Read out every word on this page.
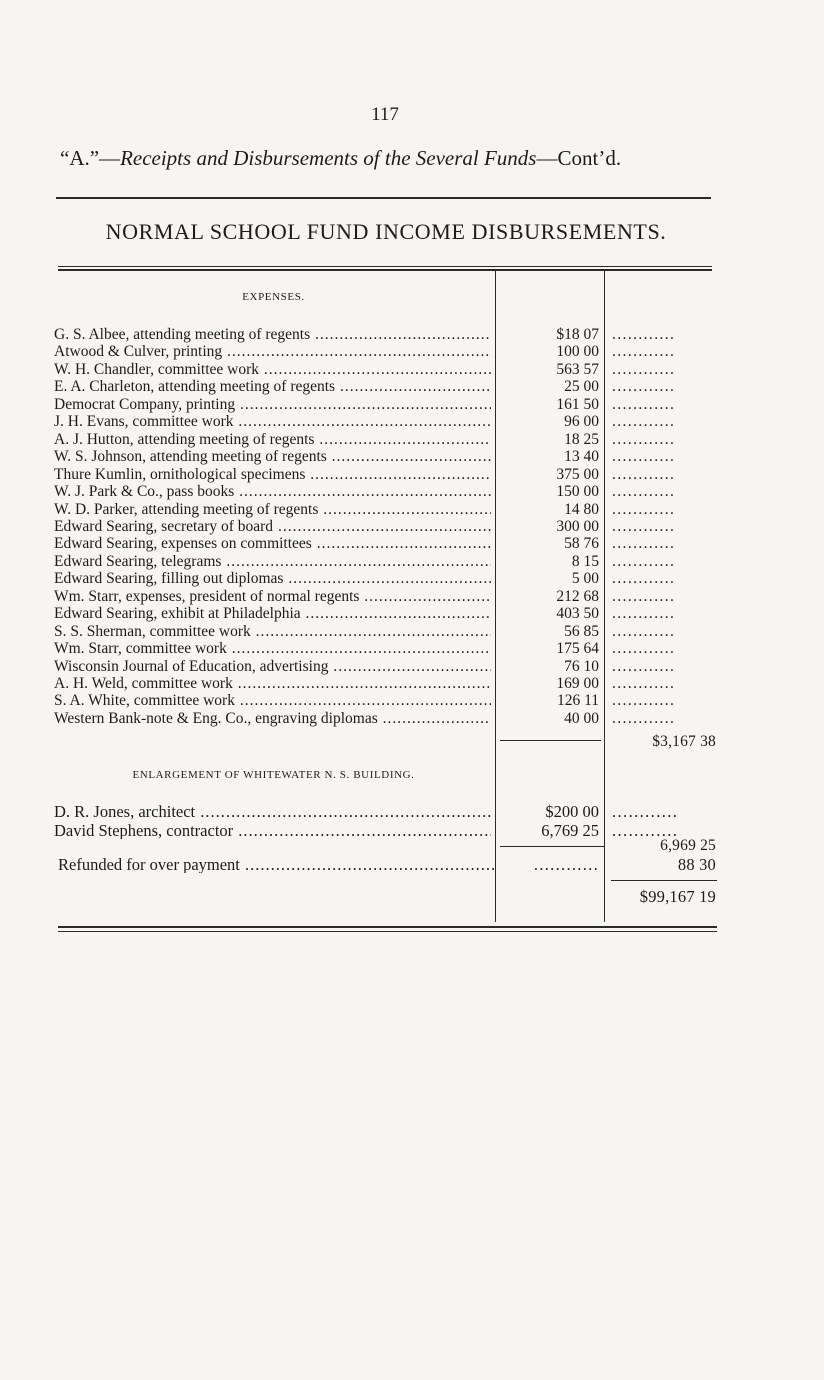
117
“A.”—Receipts and Disbursements of the Several Funds—Cont’d.
NORMAL SCHOOL FUND INCOME DISBURSEMENTS.
EXPENSES.
G. S. Albee, attending meeting of regents .....	$18 07 ............
Atwood & Culver, printing .....	100 00 ............
W. H. Chandler, committee work .....	563 57 ............
E. A. Charleton, attending meeting of regents .....	25 00 ............
Democrat Company, printing .....	161 50 ............
J. H. Evans, committee work .....	96 00 ............
A. J. Hutton, attending meeting of regents .....	18 25 ............
W. S. Johnson, attending meeting of regents .....	13 40 ............
Thure Kumlin, ornithological specimens .....	375 00 ............
W. J. Park & Co., pass books .....	150 00 ............
W. D. Parker, attending meeting of regents .....	14 80 ............
Edward Searing, secretary of board .....	300 00 ............
Edward Searing, expenses on committees .....	58 76 ............
Edward Searing, telegrams .....	8 15 ............
Edward Searing, filling out diplomas .....	5 00 ............
Wm. Starr, expenses, president of normal regents .....	212 68 ............
Edward Searing, exhibit at Philadelphia .....	403 50 ............
S. S. Sherman, committee work .....	56 85 ............
Wm. Starr, committee work .....	175 64 ............
Wisconsin Journal of Education, advertising .....	76 10 ............
A. H. Weld, committee work .....	169 00 ............
S. A. White, committee work .....	126 11 ............
Western Bank-note & Eng. Co., engraving diplomas .....	40 00 ............
$3,167 38
ENLARGEMENT OF WHITEWATER N. S. BUILDING.
D. R. Jones, architect .....	$200 00 ............
David Stephens, contractor .....	6,769 25 ............
6,969 25
Refunded for over payment .....	............	88 30
$99,167 19
